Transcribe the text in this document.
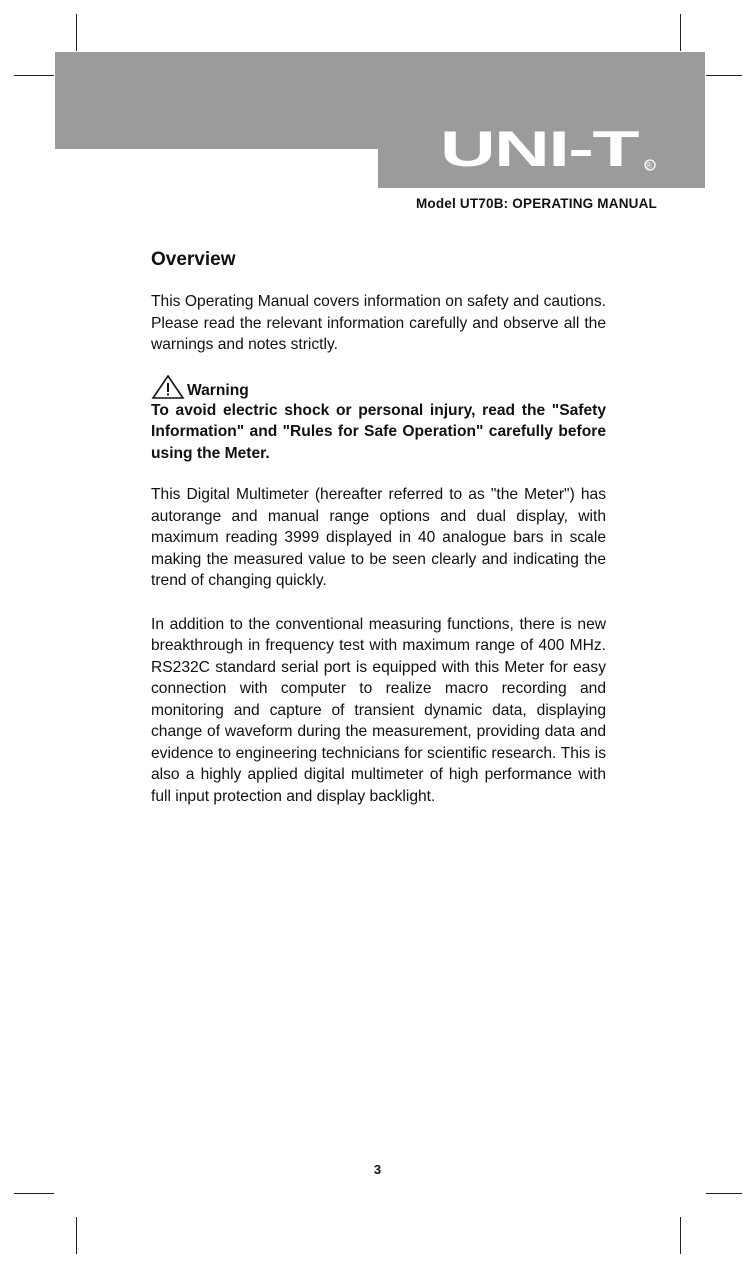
UNI-T ®
Model UT70B: OPERATING MANUAL
Overview

This Operating Manual covers information on safety and cautions. Please read the relevant information carefully and observe all the warnings and notes strictly.

Warning

To avoid electric shock or personal injury, read the "Safety Information" and "Rules for Safe Operation" carefully before using the Meter.

This Digital Multimeter (hereafter referred to as "the Meter") has autorange and manual range options and dual display, with maximum reading 3999 displayed in 40 analogue bars in scale making the measured value to be seen clearly and indicating the trend of changing quickly.

In addition to the conventional measuring functions, there is new breakthrough in frequency test with maximum range of 400 MHz. RS232C standard serial port is equipped with this Meter for easy connection with computer to realize macro recording and monitoring and capture of transient dynamic data, displaying change of waveform during the measurement, providing data and evidence to engineering technicians for scientific research. This is also a highly applied digital multimeter of high performance with full input protection and display backlight.

3
